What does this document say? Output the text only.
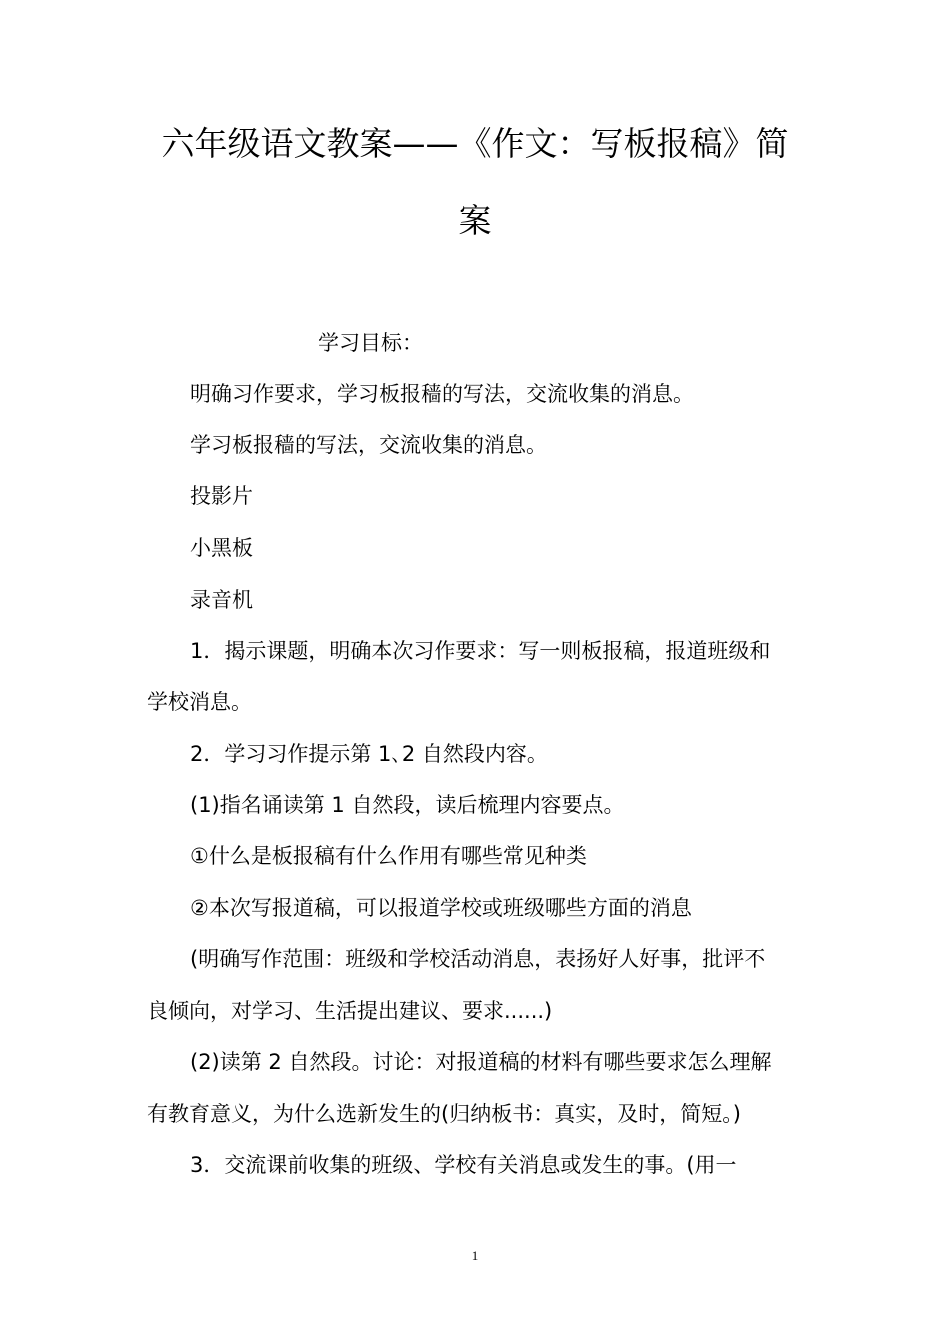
六年级语文教案——《作文：写板报稿》简
案
学习目标：
明确习作要求，学习板报穑的写法，交流收集的消息。
学习板报穑的写法，交流收集的消息。
投影片
小黑板
录音机
1．揭示课题，明确本次习作要求：写一则板报稿，报道班级和
学校消息。
2．学习习作提示第 1､2 自然段内容。
(1)指名诵读第 1 自然段，读后梳理内容要点。
①什么是板报稿有什么作用有哪些常见种类
②本次写报道稿，可以报道学校或班级哪些方面的消息
(明确写作范围：班级和学校活动消息，表扬好人好事，批评不
良倾向，对学习、生活提出建议、要求......)
(2)读第 2 自然段。讨论：对报道稿的材料有哪些要求怎么理解
有教育意义，为什么选新发生的(归纳板书：真实，及时，简短。)
3．交流课前收集的班级、学校有关消息或发生的事。(用一
1
